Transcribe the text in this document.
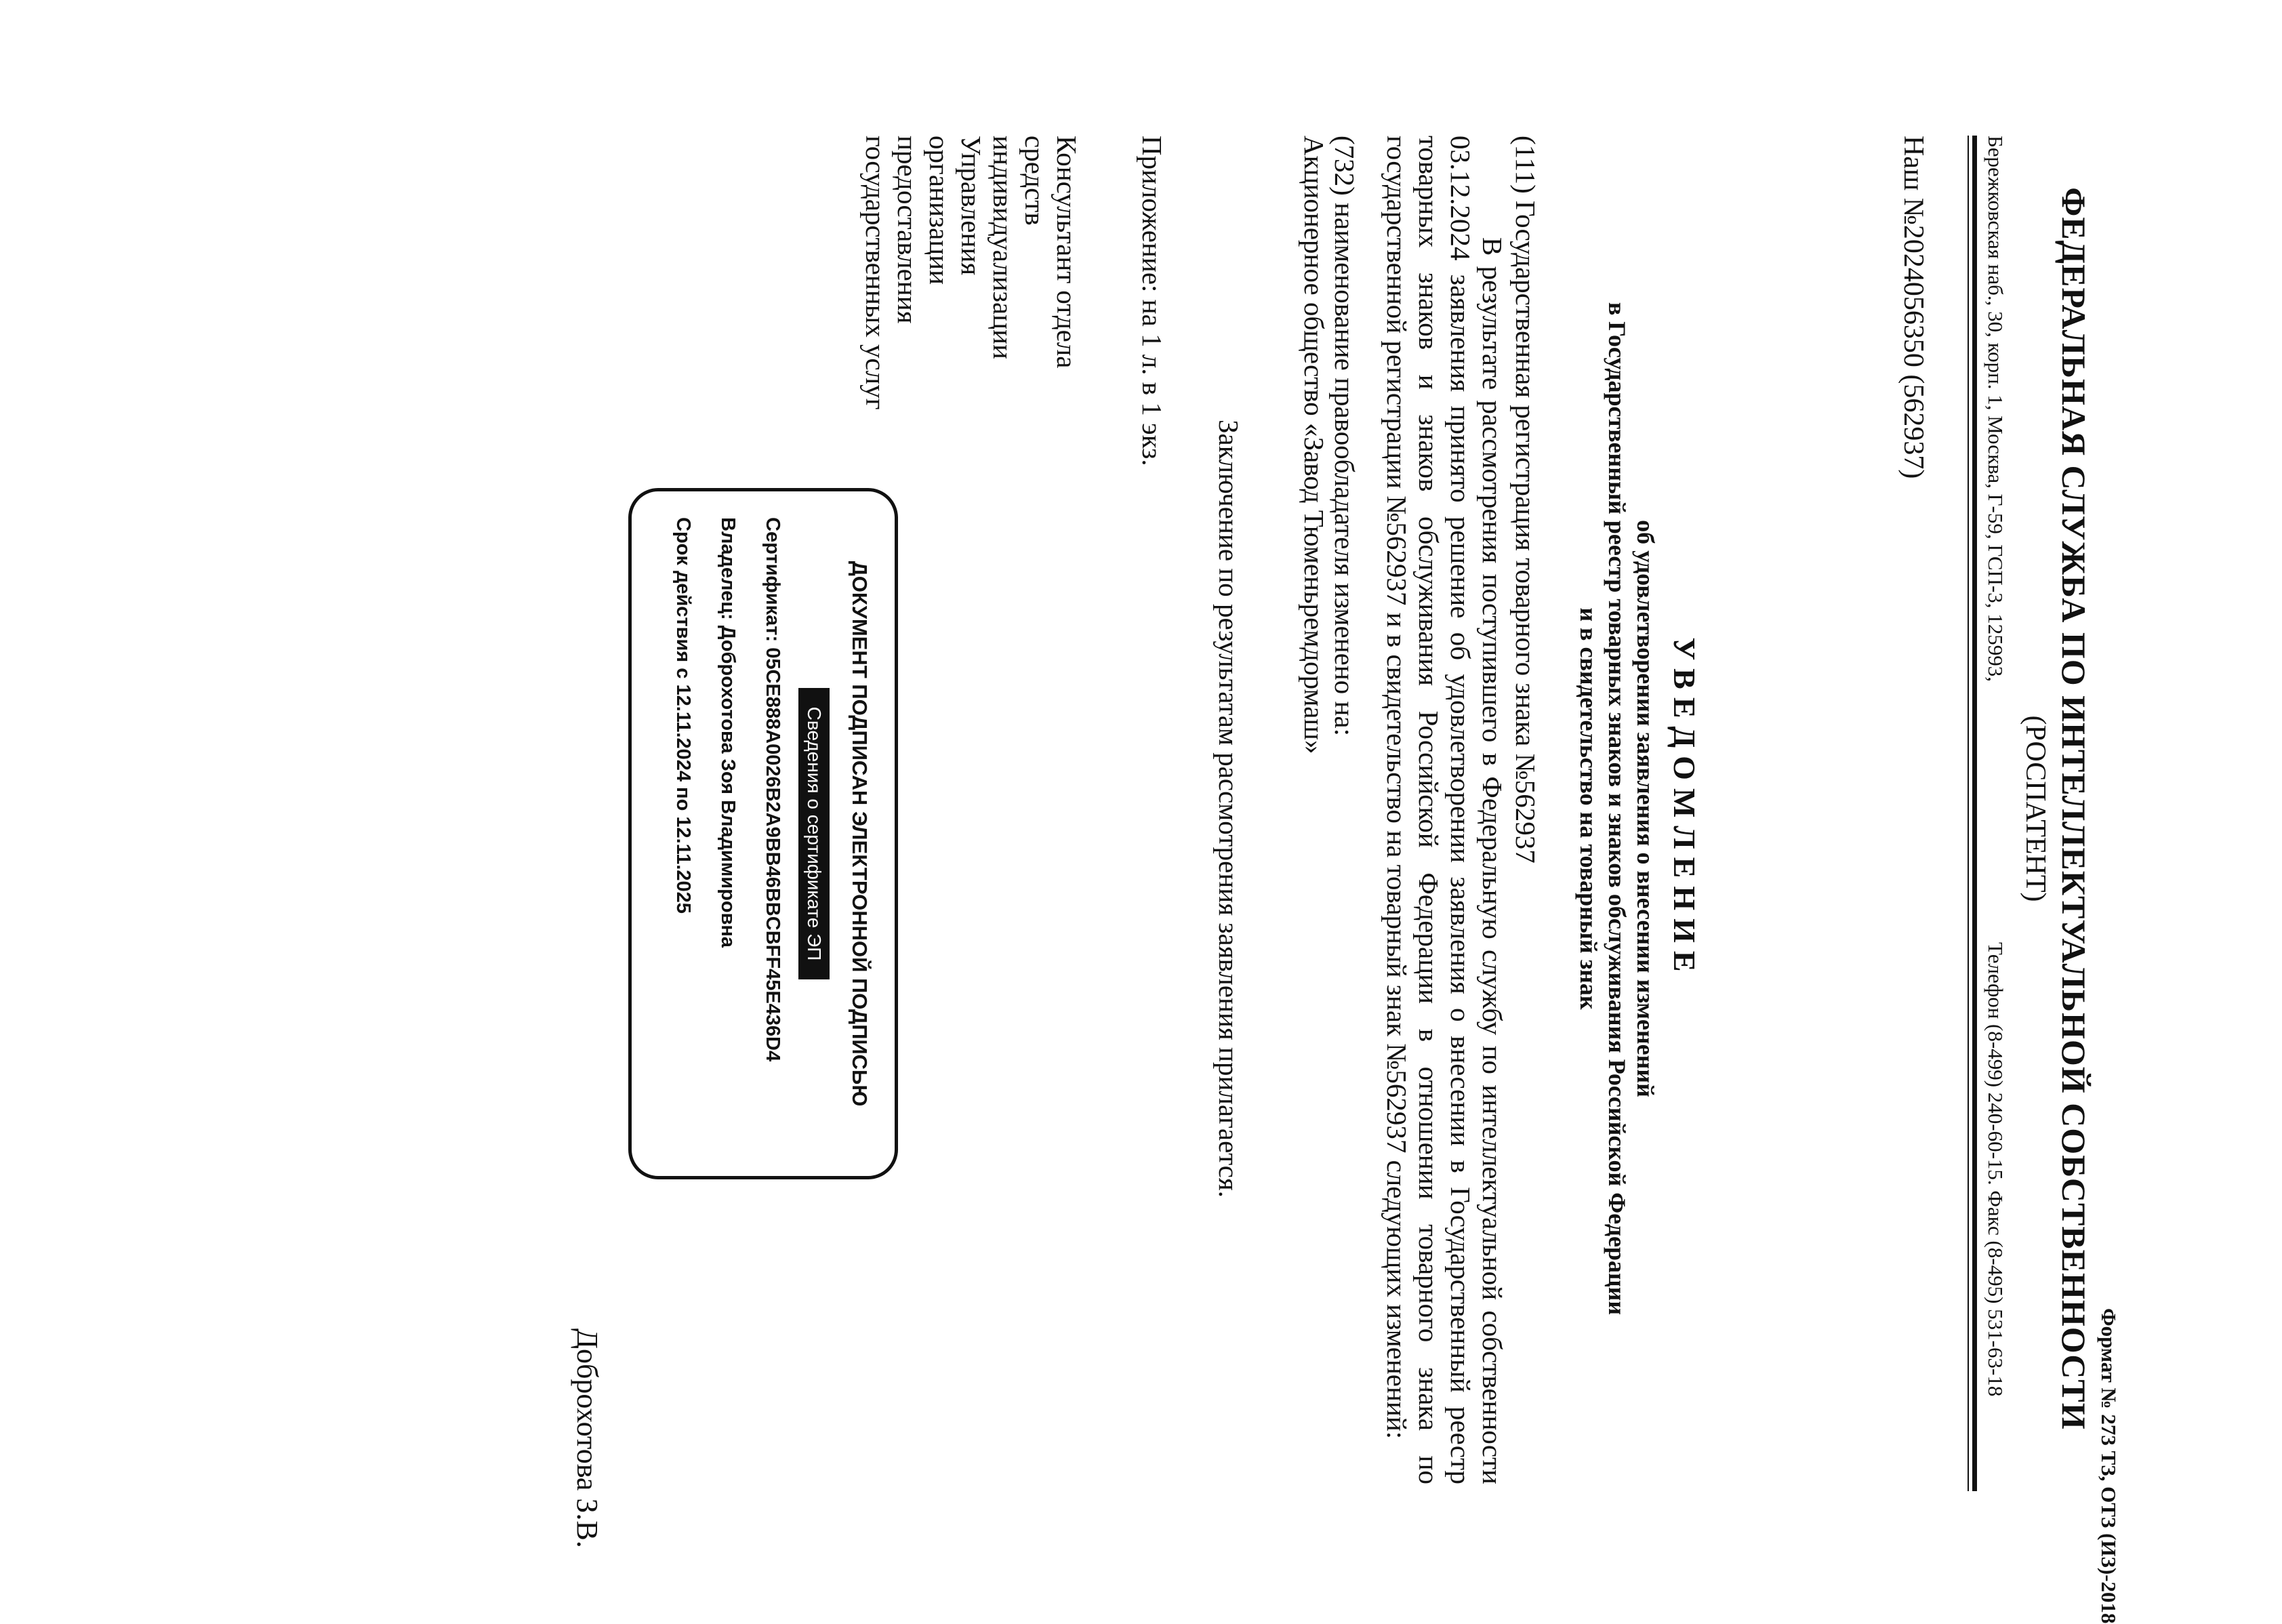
Формат № 273 ТЗ, ОТЗ (ИЗ)-2018
ФЕДЕРАЛЬНАЯ СЛУЖБА ПО ИНТЕЛЛЕКТУАЛЬНОЙ СОБСТВЕННОСТИ
(РОСПАТЕНТ)
Бережковская наб., 30, корп. 1, Москва, Г-59, ГСП-3, 125993,
Телефон (8-499) 240-60-15. Факс (8-495) 531-63-18
Наш №2024056350 (562937)
УВЕДОМЛЕНИЕ
об удовлетворении заявления о внесении изменений
в Государственный реестр товарных знаков и знаков обслуживания Российской Федерации
и в свидетельство на товарный знак
(111) Государственная регистрация товарного знака №562937

В результате рассмотрения поступившего в Федеральную службу по интеллектуальной собственности 03.12.2024 заявления принято решение об удовлетворении заявления о внесении в Государственный реестр товарных знаков и знаков обслуживания Российской Федерации в отношении товарного знака по государственной регистрации №562937 и в свидетельство на товарный знак №562937 следующих изменений:

(732) наименование правообладателя изменено на:
Акционерное общество «Завод Тюменьремдормаш»
Заключение по результатам рассмотрения заявления прилагается.
Приложение: на 1 л. в 1 экз.
Консультант отдела
средств
индивидуализации
Управления
организации
предоставления
государственных услуг
ДОКУМЕНТ ПОДПИСАН ЭЛЕКТРОННОЙ ПОДПИСЬЮ
Сведения о сертификате ЭП
Сертификат: 05CE888A0026B2A9BB46BBCBFF45E436D4
Владелец: Доброхотова Зоя Владимировна
Срок действия с 12.11.2024 по 12.11.2025
Доброхотова З.В.
